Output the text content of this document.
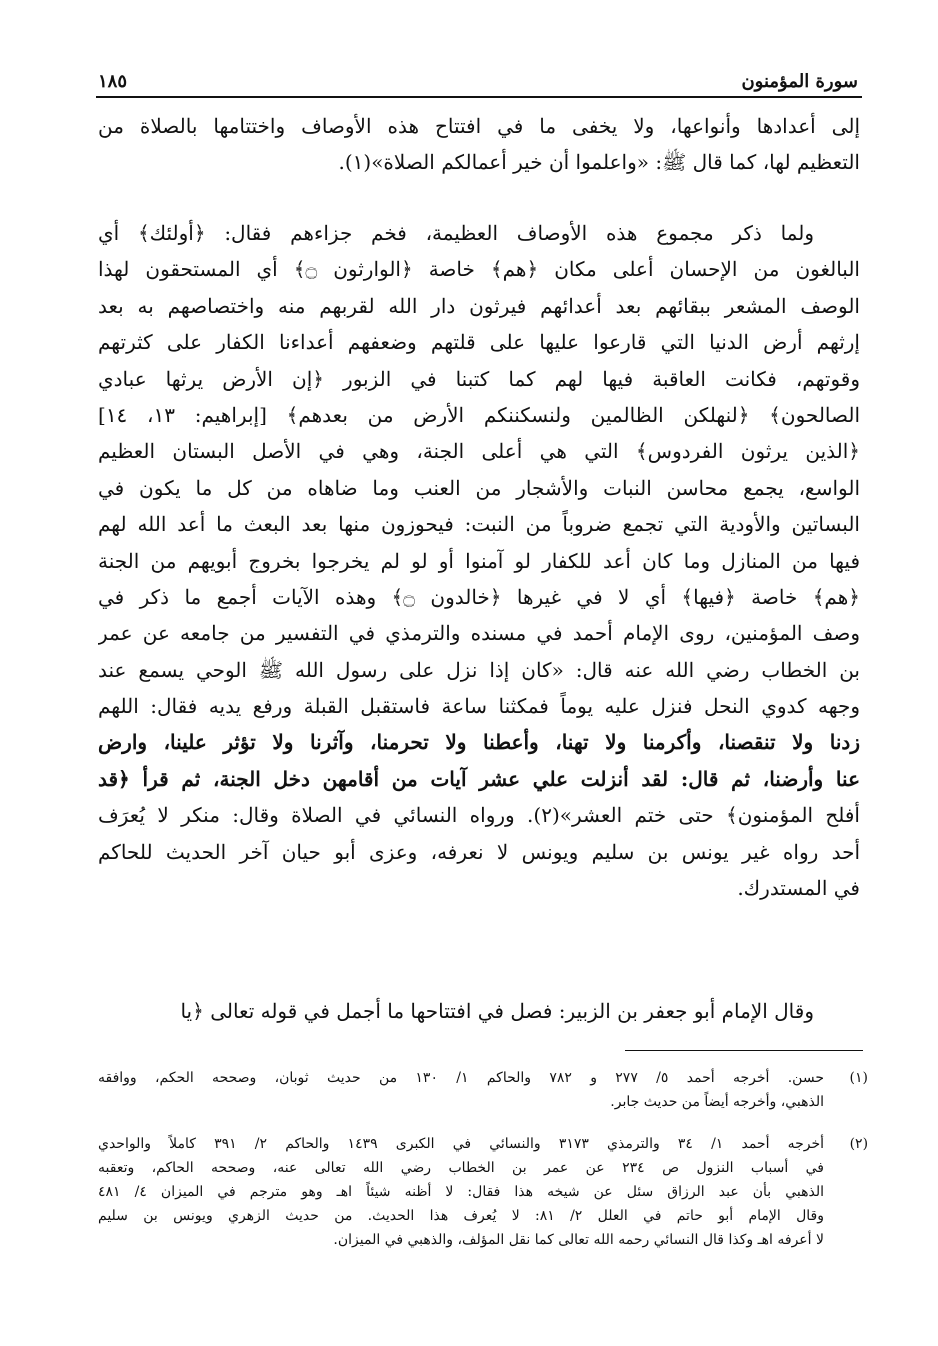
١٨٥	سورة المؤمنون
إلى أعدادها وأنواعها، ولا يخفى ما في افتتاح هذه الأوصاف واختتامها بالصلاة من
التعظيم لها، كما قال ﷺ: «واعلموا أن خير أعمالكم الصلاة»(١).
ولما ذكر مجموع هذه الأوصاف العظيمة، فخم جزاءهم فقال: ﴿أولئك﴾ أي
البالغون من الإحسان أعلى مكان ﴿هم﴾ خاصة ﴿الوارثون ۝﴾ أي المستحقون لهذا
الوصف المشعر ببقائهم بعد أعدائهم فيرثون دار الله لقربهم منه واختصاصهم به بعد
إرثهم أرض الدنيا التي قارعوا عليها على قلتهم وضعفهم أعداءنا الكفار على كثرتهم
وقوتهم، فكانت العاقبة فيها لهم كما كتبنا في الزبور ﴿إن الأرض يرثها عبادي
الصالحون﴾ ﴿لنهلكن الظالمين ولنسكننكم الأرض من بعدهم﴾ [إبراهيم: ١٣، ١٤]
﴿الذين يرثون الفردوس﴾ التي هي أعلى الجنة، وهي في الأصل البستان العظيم
الواسع، يجمع محاسن النبات والأشجار من العنب وما ضاهاه من كل ما يكون في
البساتين والأودية التي تجمع ضروباً من النبت: فيحوزون منها بعد البعث ما أعد الله لهم
فيها من المنازل وما كان أعد للكفار لو آمنوا أو لو لم يخرجوا بخروج أبويهم من الجنة
﴿هم﴾ خاصة ﴿فيها﴾ أي لا في غيرها ﴿خالدون ۝﴾ وهذه الآيات أجمع ما ذكر في
وصف المؤمنين، روى الإمام أحمد في مسنده والترمذي في التفسير من جامعه عن عمر
بن الخطاب رضي الله عنه قال: «كان إذا نزل على رسول الله ﷺ الوحي يسمع عند
وجهه كدوي النحل فنزل عليه يوماً فمكثنا ساعة فاستقبل القبلة ورفع يديه فقال: اللهم
زدنا ولا تنقصنا، وأكرمنا ولا تهنا، وأعطنا ولا تحرمنا، وآثرنا ولا تؤثر علينا، وارض
عنا وأرضنا، ثم قال: لقد أنزلت علي عشر آيات من أقامهن دخل الجنة، ثم قرأ ﴿قد
أفلح المؤمنون﴾ حتى ختم العشر»(٢). ورواه النسائي في الصلاة وقال: منكر لا يُعرَف
أحد رواه غير يونس بن سليم ويونس لا نعرفه، وعزى أبو حيان آخر الحديث للحاكم
في المستدرك.
وقال الإمام أبو جعفر بن الزبير: فصل في افتتاحها ما أجمل في قوله تعالى ﴿يا
(١)حسن. أخرجه أحمد ٥/ ٢٧٧ و ٧٨٢ والحاكم ١/ ١٣٠ من حديث ثوبان، وصححه الحكم، ووافقه
الذهبي، وأخرجه أيضاً من حديث جابر.
(٢)أخرجه أحمد ١/ ٣٤ والترمذي ٣١٧٣ والنسائي في الكبرى ١٤٣٩ والحاكم ٢/ ٣٩١ كاملاً والواحدي
في أسباب النزول ص ٢٣٤ عن عمر بن الخطاب رضي الله تعالى عنه، وصححه الحاكم، وتعقبه
الذهبي بأن عبد الرزاق سئل عن شيخه هذا فقال: لا أظنه شيئاً اهـ وهو مترجم في الميزان ٤/ ٤٨١
وقال الإمام أبو حاتم في العلل ٢/ ٨١: لا يُعرف هذا الحديث. من حديث الزهري ويونس بن سليم
لا أعرفه اهـ وكذا قال النسائي رحمه الله تعالى كما نقل المؤلف، والذهبي في الميزان.
